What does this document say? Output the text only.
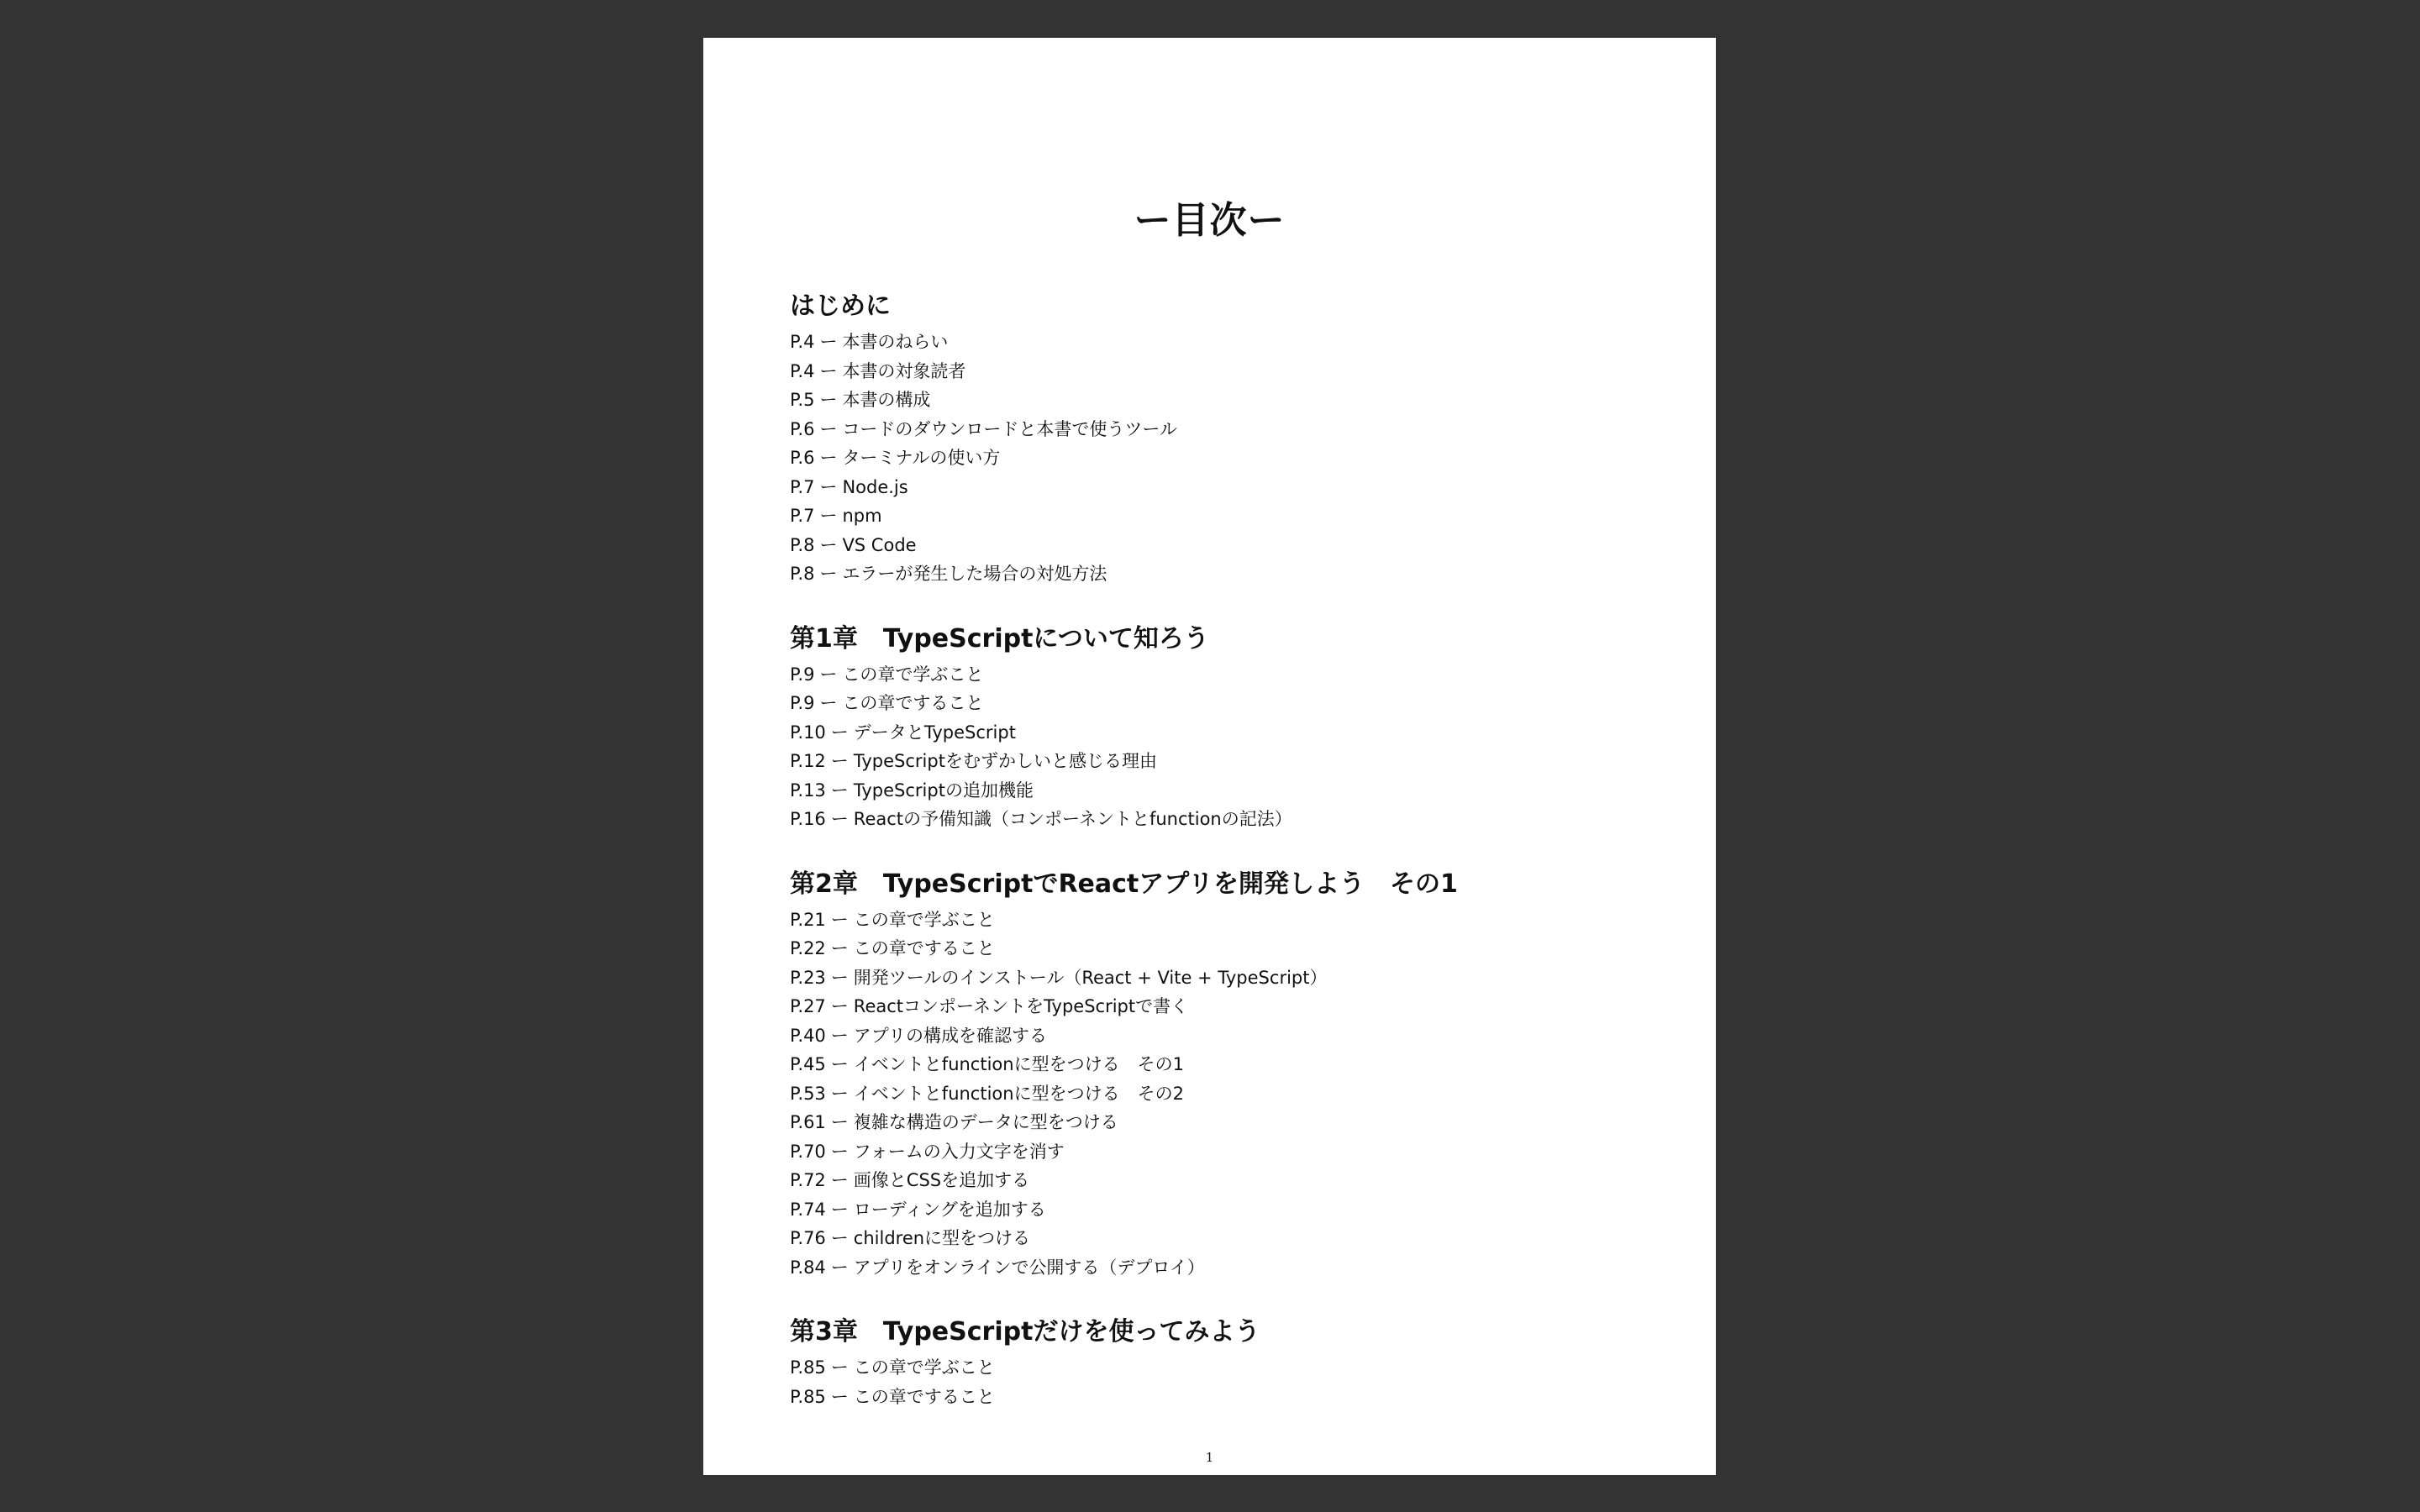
ー目次ー
はじめに
P.4 ー 本書のねらい
P.4 ー 本書の対象読者
P.5 ー 本書の構成
P.6 ー コードのダウンロードと本書で使うツール
P.6 ー ターミナルの使い方
P.7 ー Node.js
P.7 ー npm
P.8 ー VS Code
P.8 ー エラーが発生した場合の対処方法
第1章　TypeScriptについて知ろう
P.9 ー この章で学ぶこと
P.9 ー この章ですること
P.10 ー データとTypeScript
P.12 ー TypeScriptをむずかしいと感じる理由
P.13 ー TypeScriptの追加機能
P.16 ー Reactの予備知識（コンポーネントとfunctionの記法）
第2章　TypeScriptでReactアプリを開発しよう　その1
P.21 ー この章で学ぶこと
P.22 ー この章ですること
P.23 ー 開発ツールのインストール（React + Vite + TypeScript）
P.27 ー ReactコンポーネントをTypeScriptで書く
P.40 ー アプリの構成を確認する
P.45 ー イベントとfunctionに型をつける　その1
P.53 ー イベントとfunctionに型をつける　その2
P.61 ー 複雑な構造のデータに型をつける
P.70 ー フォームの入力文字を消す
P.72 ー 画像とCSSを追加する
P.74 ー ローディングを追加する
P.76 ー childrenに型をつける
P.84 ー アプリをオンラインで公開する（デプロイ）
第3章　TypeScriptだけを使ってみよう
P.85 ー この章で学ぶこと
P.85 ー この章ですること
1
